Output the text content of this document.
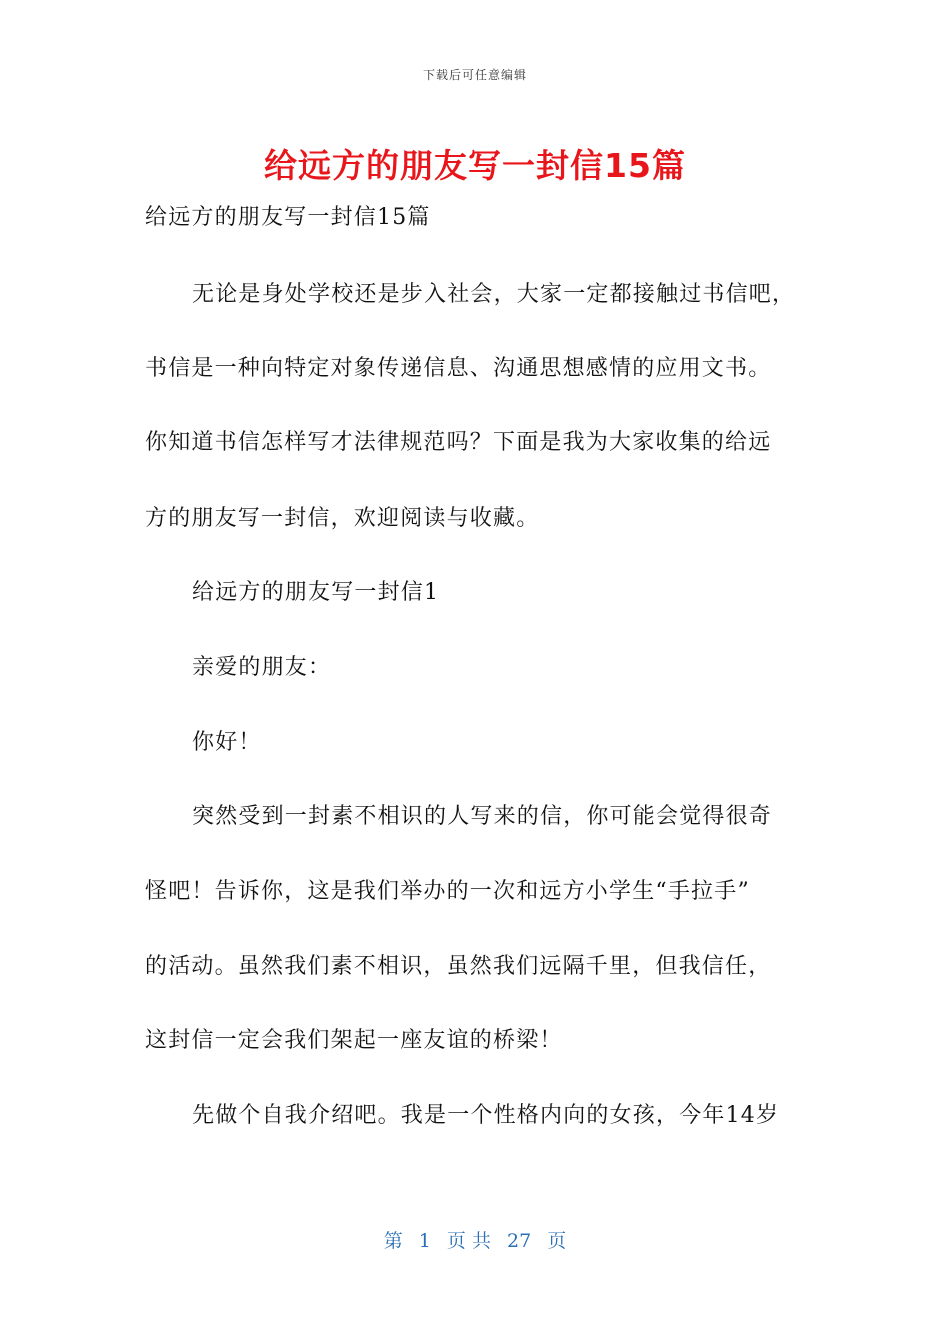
下载后可任意编辑
给远方的朋友写一封信15篇
给远方的朋友写一封信15篇
无论是身处学校还是步入社会，大家一定都接触过书信吧，
书信是一种向特定对象传递信息、沟通思想感情的应用文书。
你知道书信怎样写才法律规范吗？下面是我为大家收集的给远
方的朋友写一封信，欢迎阅读与收藏。
给远方的朋友写一封信1
亲爱的朋友：
你好！
突然受到一封素不相识的人写来的信，你可能会觉得很奇
怪吧！告诉你，这是我们举办的一次和远方小学生“手拉手”
的活动。虽然我们素不相识，虽然我们远隔千里，但我信任，
这封信一定会我们架起一座友谊的桥梁！
先做个自我介绍吧。我是一个性格内向的女孩，今年14岁
第 1 页 共 27 页
